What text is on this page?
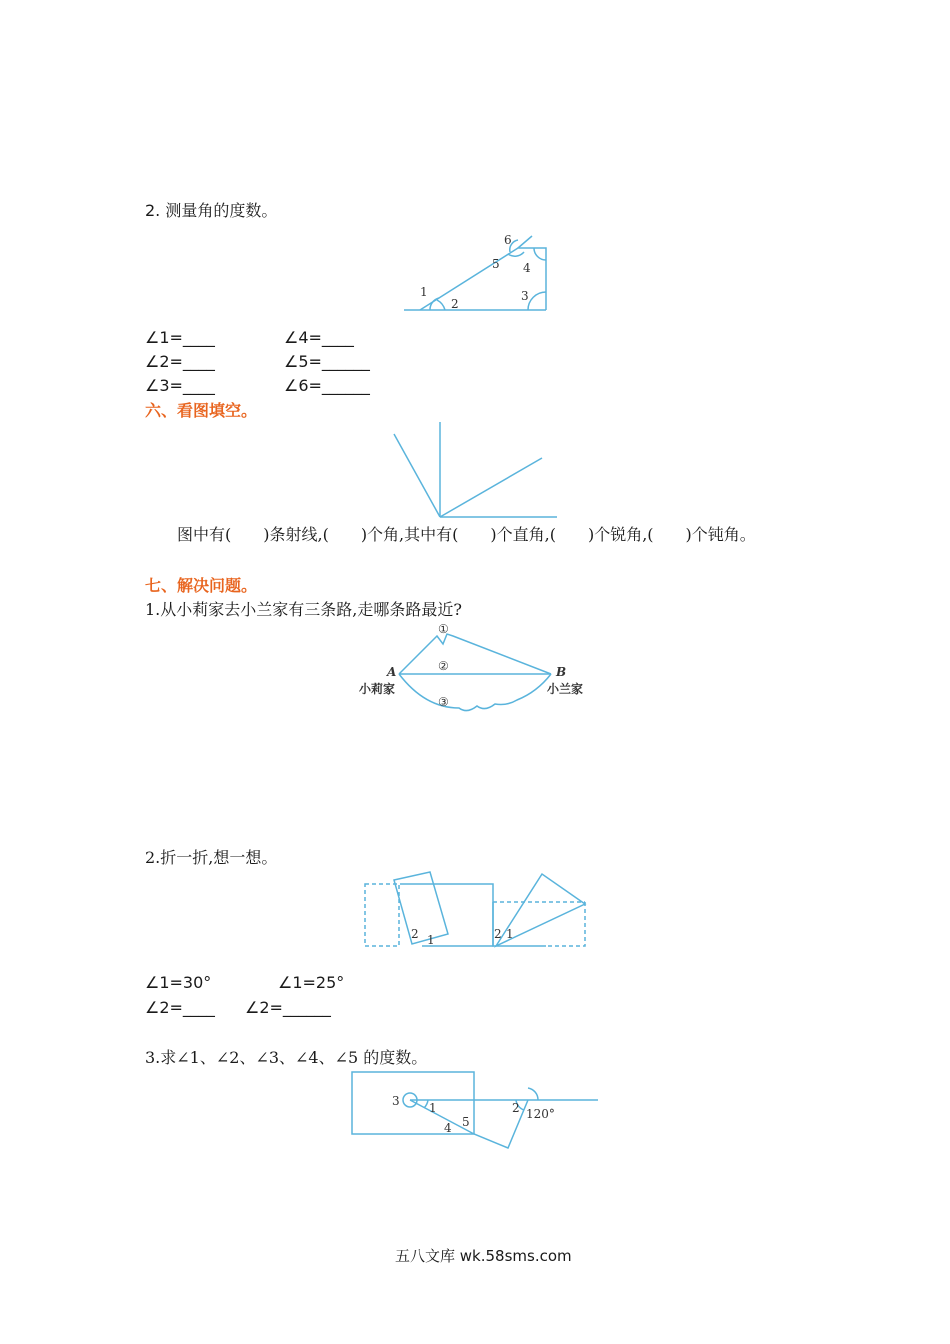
2. 测量角的度数。
1
2
3
4
5
6
∠1=____	∠4=____
∠2=____	∠5=______
∠3=____	∠6=______
六、看图填空。
图中有(　　)条射线,(　　)个角,其中有(　　)个直角,(　　)个锐角,(　　)个钝角。
七、解决问题。
1.从小莉家去小兰家有三条路,走哪条路最近?
①
②
③
A	B
小莉家	小兰家
2.折一折,想一想。
2 1	2 1
∠1=30°	∠1=25°
∠2=____ ∠2=______
3.求∠1、∠2、∠3、∠4、∠5 的度数。
3 1
5
4
2 120°
五八文库 wk.58sms.com
